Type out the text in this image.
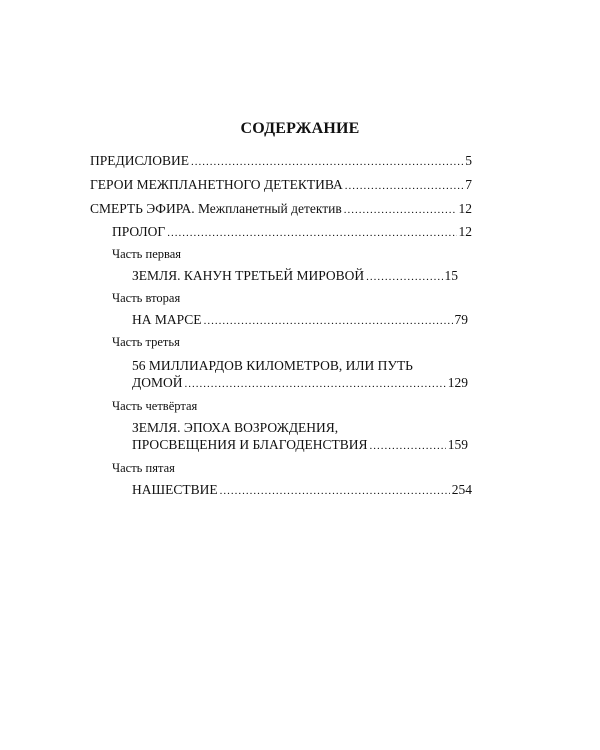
СОДЕРЖАНИЕ
ПРЕДИСЛОВИЕ .....	5
ГЕРОИ МЕЖПЛАНЕТНОГО ДЕТЕКТИВА .....	7
СМЕРТЬ ЭФИРА. Межпланетный детектив .....	12
ПРОЛОГ .....	12
Часть первая
ЗЕМЛЯ. КАНУН ТРЕТЬЕЙ МИРОВОЙ .....	15
Часть вторая
НА МАРСЕ .....	79
Часть третья
56 МИЛЛИАРДОВ КИЛОМЕТРОВ, ИЛИ ПУТЬ
ДОМОЙ .....	129
Часть четвёртая
ЗЕМЛЯ. ЭПОХА ВОЗРОЖДЕНИЯ,
ПРОСВЕЩЕНИЯ И БЛАГОДЕНСТВИЯ .....	159
Часть пятая
НАШЕСТВИЕ .....	254
